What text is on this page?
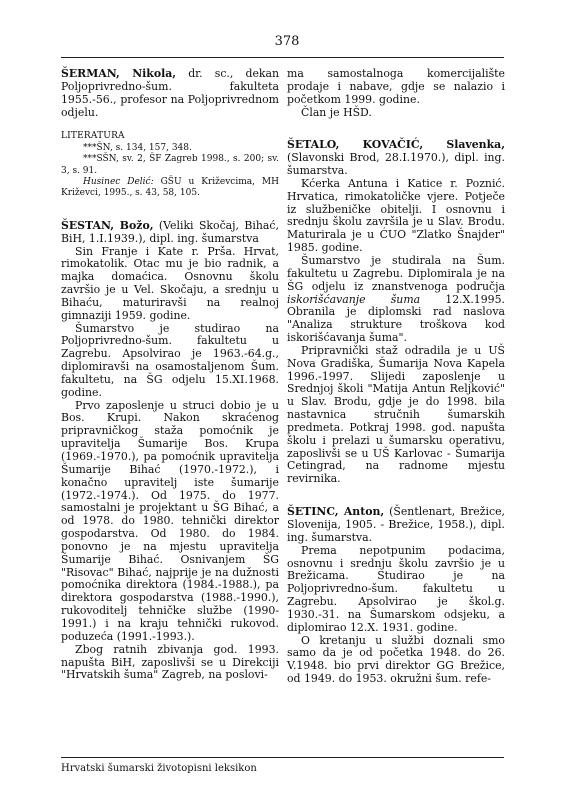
378

ŠERMAN, Nikola, dr. sc., dekan Poljoprivredno-šum. fakulteta 1955.-56., profesor na Poljoprivrednom odjelu.

LITERATURA

***ŠN, s. 134, 157, 348.

***SŠN, sv. 2, ŠF Zagreb 1998., s. 200; sv. 3, s. 91.

Husinec Delić: GŠU u Križevcima, MH Križevci, 1995., s. 43, 58, 105.

ŠESTAN, Božo, (Veliki Skočaj, Bihać, BiH, 1.I.1939.), dipl. ing. šumarstva

Sin Franje i Kate r. Prša. Hrvat, rimokatolik. Otac mu je bio radnik, a majka domaćica. Osnovnu školu završio je u Vel. Skočaju, a srednju u Bihaću, maturiravši na realnoj gimnaziji 1959. godine.

Šumarstvo je studirao na Poljoprivredno-šum. fakultetu u Zagrebu. Apsolvirao je 1963.-64.g., diplomiravši na osamostaljenom Šum. fakultetu, na ŠG odjelu 15.XI.1968. godine.

Prvo zaposlenje u struci dobio je u Bos. Krupi. Nakon skraćenog pripravničkog staža pomoćnik je upravitelja Šumarije Bos. Krupa (1969.-1970.), pa pomoćnik upravitelja Šumarije Bihać (1970.-1972.), i konačno upravitelj iste šumarije (1972.-1974.). Od 1975. do 1977. samostalni je projektant u ŠG Bihać, a od 1978. do 1980. tehnički direktor gospodarstva. Od 1980. do 1984. ponovno je na mjestu upravitelja Šumarije Bihać. Osnivanjem ŠG "Risovac" Bihać, najprije je na dužnosti pomoćnika direktora (1984.-1988.), pa direktora gospodarstva (1988.-1990.), rukovoditelj tehničke službe (1990-1991.) i na kraju tehnički rukovod. poduzeća (1991.-1993.).

Zbog ratnih zbivanja god. 1993. napušta BiH, zaposlivši se u Direkciji "Hrvatskih šuma" Zagreb, na poslovi-

ma samostalnoga komercijalište prodaje i nabave, gdje se nalazio i početkom 1999. godine.

Član je HŠD.

ŠETALO, KOVAČIĆ, Slavenka, (Slavonski Brod, 28.I.1970.), dipl. ing. šumarstva.

Kćerka Antuna i Katice r. Poznić. Hrvatica, rimokatoličke vjere. Potječe iz službeničke obitelji. I osnovnu i srednju školu završila je u Slav. Brodu. Maturirala je u ĆUO "Zlatko Šnajder" 1985. godine.

Šumarstvo je studirala na Šum. fakultetu u Zagrebu. Diplomirala je na ŠG odjelu iz znanstvenoga područja iskorišćavanje šuma 12.X.1995. Obranila je diplomski rad naslova "Analiza strukture troškova kod iskorišćavanja šuma".

Pripravnički staž odradila je u UŠ Nova Gradiška, Šumarija Nova Kapela 1996.-1997. Slijedi zaposlenje u Srednjoj školi "Matija Antun Reljković" u Slav. Brodu, gdje je do 1998. bila nastavnica stručnih šumarskih predmeta. Potkraj 1998. god. napušta školu i prelazi u šumarsku operativu, zaposlivši se u UŠ Karlovac - Šumarija Cetingrad, na radnome mjestu revirnika.

ŠETINC, Anton, (Šentlenart, Brežice, Slovenija, 1905. - Brežice, 1958.), dipl. ing. šumarstva.

Prema nepotpunim podacima, osnovnu i srednju školu završio je u Brežicama. Studirao je na Poljoprivredno-šum. fakultetu u Zagrebu. Apsolvirao je škol.g. 1930.-31. na Šumarskom odsjeku, a diplomirao 12.X. 1931. godine.

O kretanju u službi doznali smo samo da je od početka 1948. do 26. V.1948. bio prvi direktor GG Brežice, od 1949. do 1953. okružni šum. refe-

Hrvatski šumarski životopisni leksikon
